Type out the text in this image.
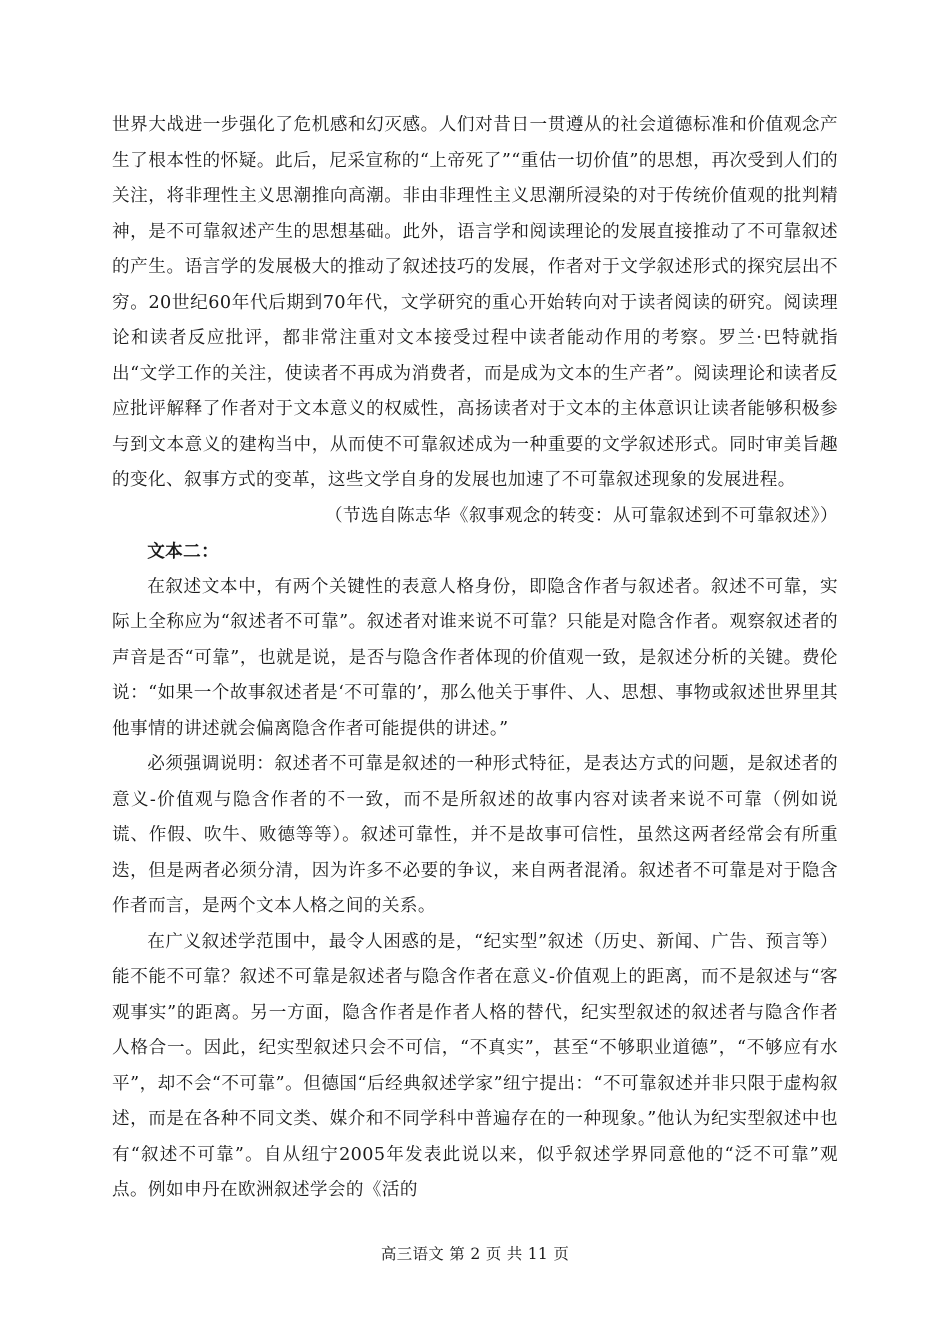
世界大战进一步强化了危机感和幻灭感。人们对昔日一贯遵从的社会道德标准和价值观念产生了根本性的怀疑。此后，尼采宣称的“上帝死了”“重估一切价值”的思想，再次受到人们的关注，将非理性主义思潮推向高潮。非由非理性主义思潮所浸染的对于传统价值观的批判精神，是不可靠叙述产生的思想基础。此外，语言学和阅读理论的发展直接推动了不可靠叙述的产生。语言学的发展极大的推动了叙述技巧的发展，作者对于文学叙述形式的探究层出不穷。20世纪60年代后期到70年代，文学研究的重心开始转向对于读者阅读的研究。阅读理论和读者反应批评，都非常注重对文本接受过程中读者能动作用的考察。罗兰·巴特就指出“文学工作的关注，使读者不再成为消费者，而是成为文本的生产者”。阅读理论和读者反应批评解释了作者对于文本意义的权威性，高扬读者对于文本的主体意识让读者能够积极参与到文本意义的建构当中，从而使不可靠叙述成为一种重要的文学叙述形式。同时审美旨趣的变化、叙事方式的变革，这些文学自身的发展也加速了不可靠叙述现象的发展进程。

（节选自陈志华《叙事观念的转变：从可靠叙述到不可靠叙述》）

文本二：

在叙述文本中，有两个关键性的表意人格身份，即隐含作者与叙述者。叙述不可靠，实际上全称应为“叙述者不可靠”。叙述者对谁来说不可靠？只能是对隐含作者。观察叙述者的声音是否“可靠”，也就是说，是否与隐含作者体现的价值观一致，是叙述分析的关键。费伦说：“如果一个故事叙述者是‘不可靠的’，那么他关于事件、人、思想、事物或叙述世界里其他事情的讲述就会偏离隐含作者可能提供的讲述。”

必须强调说明：叙述者不可靠是叙述的一种形式特征，是表达方式的问题，是叙述者的意义-价值观与隐含作者的不一致，而不是所叙述的故事内容对读者来说不可靠（例如说谎、作假、吹牛、败德等等）。叙述可靠性，并不是故事可信性，虽然这两者经常会有所重迭，但是两者必须分清，因为许多不必要的争议，来自两者混淆。叙述者不可靠是对于隐含作者而言，是两个文本人格之间的关系。

在广义叙述学范围中，最令人困惑的是，“纪实型”叙述（历史、新闻、广告、预言等）能不能不可靠？叙述不可靠是叙述者与隐含作者在意义-价值观上的距离，而不是叙述与“客观事实”的距离。另一方面，隐含作者是作者人格的替代，纪实型叙述的叙述者与隐含作者人格合一。因此，纪实型叙述只会不可信，“不真实”，甚至“不够职业道德”，“不够应有水平”，却不会“不可靠”。但德国“后经典叙述学家”纽宁提出：“不可靠叙述并非只限于虚构叙述，而是在各种不同文类、媒介和不同学科中普遍存在的一种现象。”他认为纪实型叙述中也有“叙述不可靠”。自从纽宁2005年发表此说以来，似乎叙述学界同意他的“泛不可靠”观点。例如申丹在欧洲叙述学会的《活的

高三语文 第 2 页 共 11 页
